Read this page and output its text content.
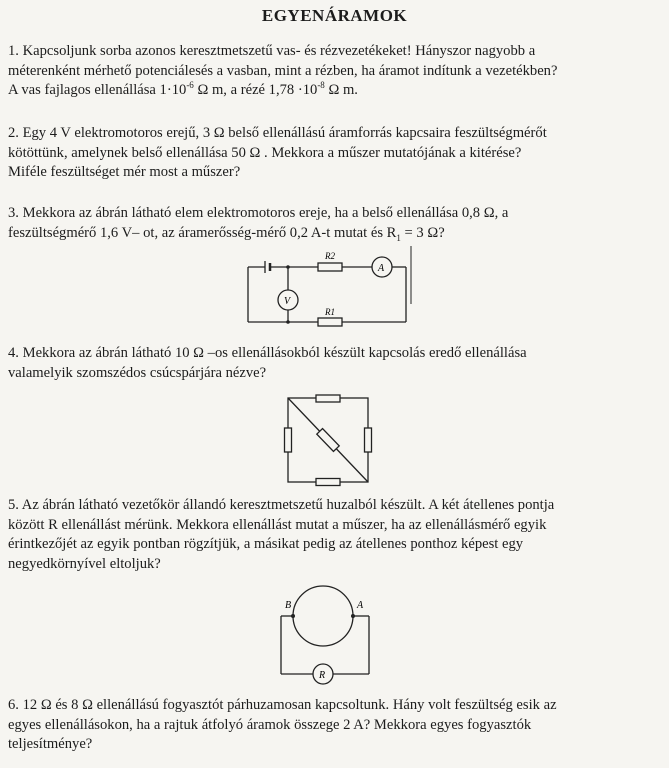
EGYENÁRAMOK
1. Kapcsoljunk sorba azonos keresztmetszetű vas- és rézvezetékeket! Hányszor nagyobb a
méterenként mérhető potenciálesés a vasban, mint a rézben, ha áramot indítunk a vezetékben?
A vas fajlagos ellenállása $1\cdot 10^{-6}$ Ω m, a rézé $1,78 \cdot 10^{-8}$ Ω m.
2. Egy 4 V elektromotoros erejű, 3 Ω belső ellenállású áramforrás kapcsaira feszültségmérőt
kötöttünk, amelynek belső ellenállása 50 Ω . Mekkora a műszer mutatójának a kitérése?
Miféle feszültséget mér most a műszer?
3. Mekkora az ábrán látható elem elektromotoros ereje, ha a belső ellenállása 0,8 Ω, a
feszültségmérő 1,6 V– ot, az áramerősség-mérő 0,2 A-t mutat és $R_1 = 3$ Ω?
R2
R1
A
V
4. Mekkora az ábrán látható 10 Ω –os ellenállásokból készült kapcsolás eredő ellenállása
valamelyik szomszédos csúcspárjára nézve?
5. Az ábrán látható vezetőkör állandó keresztmetszetű huzalból készült. A két átellenes pontja
között R ellenállást mérünk. Mekkora ellenállást mutat a műszer, ha az ellenállásmérő egyik
érintkezőjét az egyik pontban rögzítjük, a másikat pedig az átellenes ponthoz képest egy
negyedkörnyível eltoljuk?
B	A
R
6. 12 Ω és 8 Ω ellenállású fogyasztót párhuzamosan kapcsoltunk. Hány volt feszültség esik az
egyes ellenállásokon, ha a rajtuk átfolyó áramok összege 2 A? Mekkora egyes fogyasztók
teljesítménye?
